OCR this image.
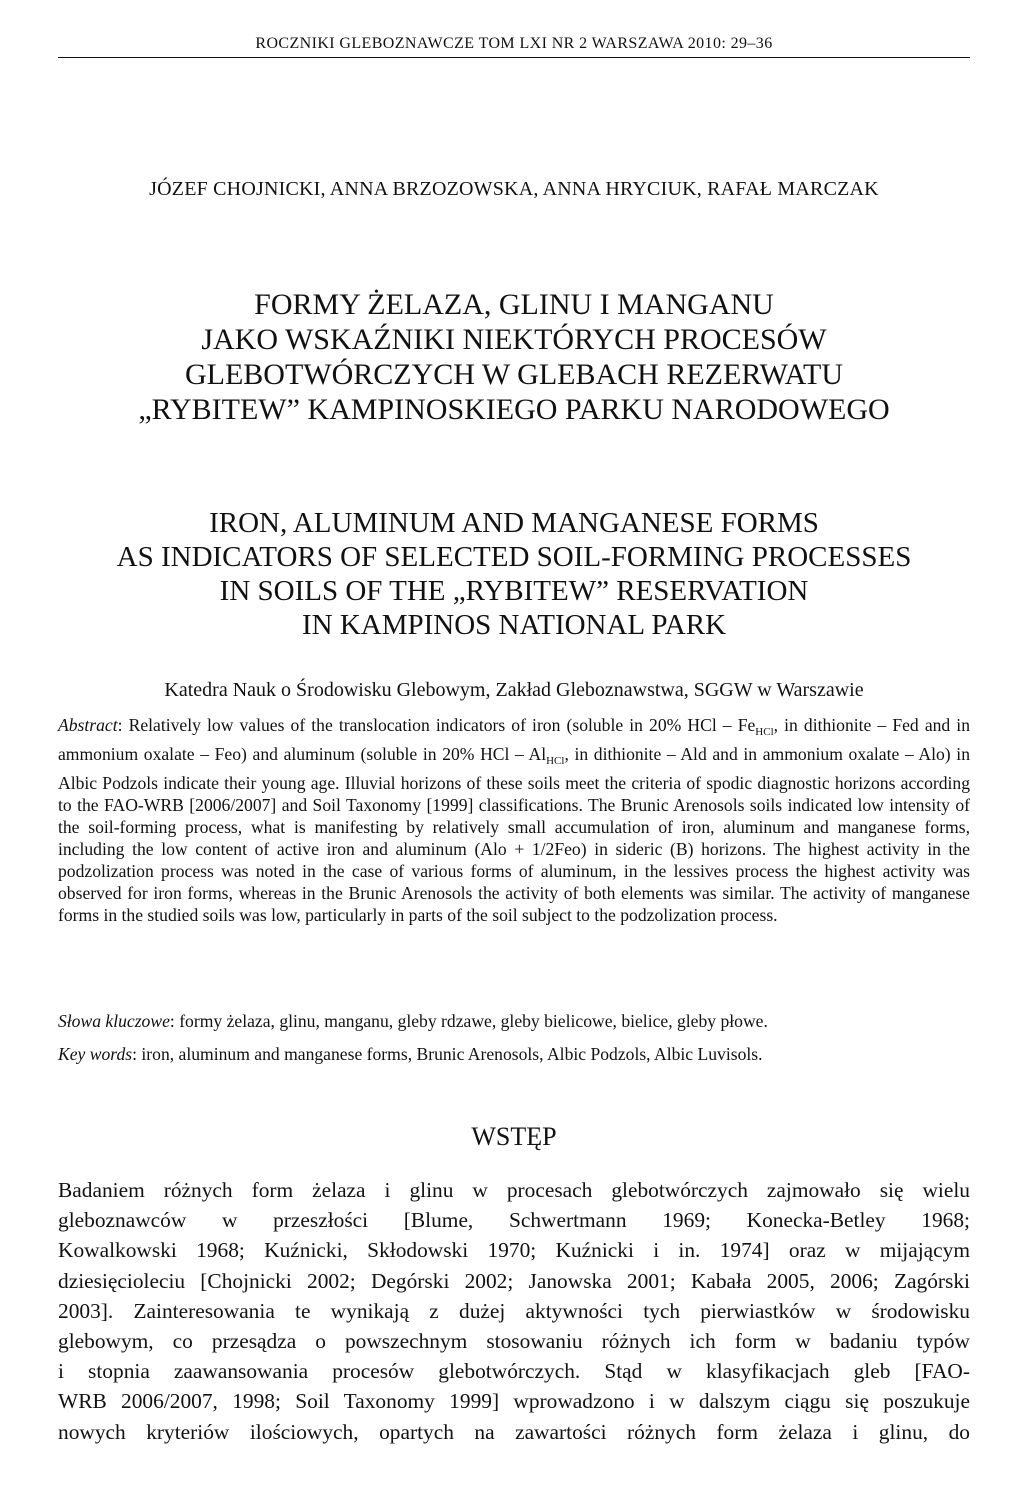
ROCZNIKI GLEBOZNAWCZE TOM LXI NR 2 WARSZAWA 2010: 29–36
JÓZEF CHOJNICKI, ANNA BRZOZOWSKA, ANNA HRYCIUK, RAFAŁ MARCZAK
FORMY ŻELAZA, GLINU I MANGANU
JAKO WSKAŹNIKI NIEKTÓRYCH PROCESÓW
GLEBOTWÓRCZYCH W GLEBACH REZERWATU
„RYBITEW” KAMPINOSKIEGO PARKU NARODOWEGO
IRON, ALUMINUM AND MANGANESE FORMS
AS INDICATORS OF SELECTED SOIL-FORMING PROCESSES
IN SOILS OF THE „RYBITEW” RESERVATION
IN KAMPINOS NATIONAL PARK
Katedra Nauk o Środowisku Glebowym, Zakład Gleboznawstwa, SGGW w Warszawie

Abstract: Relatively low values of the translocation indicators of iron (soluble in 20% HCl – $Fe_{HCl}$, in dithionite – Fed and in ammonium oxalate – Feo) and aluminum (soluble in 20% HCl – $Al_{HCl}$, in dithionite – Ald and in ammonium oxalate – Alo) in Albic Podzols indicate their young age. Illuvial horizons of these soils meet the criteria of spodic diagnostic horizons according to the FAO-WRB [2006/2007] and Soil Taxonomy [1999] classifications. The Brunic Arenosols soils indicated low intensity of the soil-forming process, what is manifesting by relatively small accumulation of iron, aluminum and manganese forms, including the low content of active iron and aluminum (Alo + 1/2Feo) in sideric (B) horizons. The highest activity in the podzolization process was noted in the case of various forms of aluminum, in the lessives process the highest activity was observed for iron forms, whereas in the Brunic Arenosols the activity of both elements was similar. The activity of manganese forms in the studied soils was low, particularly in parts of the soil subject to the podzolization process.

Słowa kluczowe: formy żelaza, glinu, manganu, gleby rdzawe, gleby bielicowe, bielice, gleby płowe.

Key words: iron, aluminum and manganese forms, Brunic Arenosols, Albic Podzols, Albic Luvisols.

WSTĘP

Badaniem różnych form żelaza i glinu w procesach glebotwórczych zajmowało się wielu
gleboznawców w przeszłości [Blume, Schwertmann 1969; Konecka-Betley 1968;
Kowalkowski 1968; Kuźnicki, Skłodowski 1970; Kuźnicki i in. 1974] oraz w mijającym
dziesięcioleciu [Chojnicki 2002; Degórski 2002; Janowska 2001; Kabała 2005, 2006; Zagórski
2003]. Zainteresowania te wynikają z dużej aktywności tych pierwiastków w środowisku
glebowym, co przesądza o powszechnym stosowaniu różnych ich form w badaniu typów
i stopnia zaawansowania procesów glebotwórczych. Stąd w klasyfikacjach gleb [FAO-
WRB 2006/2007, 1998; Soil Taxonomy 1999] wprowadzono i w dalszym ciągu się poszukuje
nowych kryteriów ilościowych, opartych na zawartości różnych form żelaza i glinu, do
